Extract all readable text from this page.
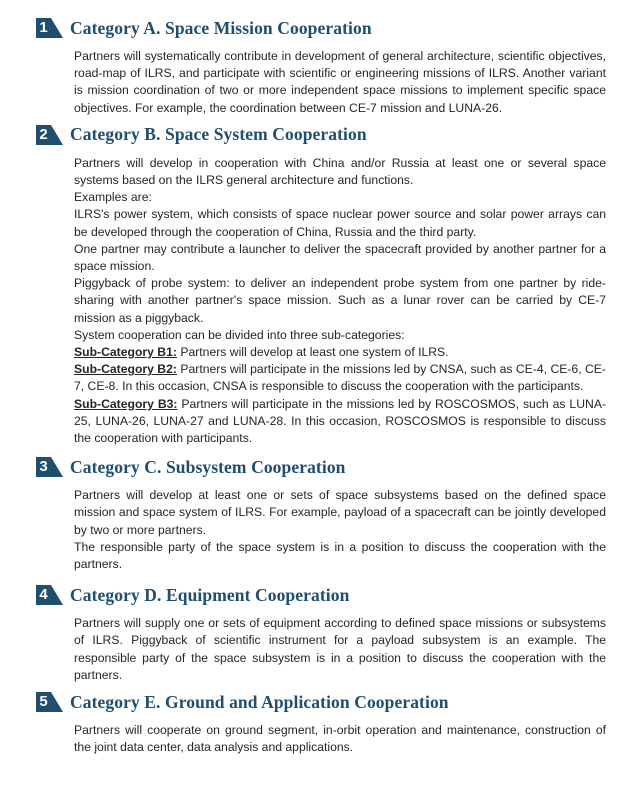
1 Category A. Space Mission Cooperation

Partners will systematically contribute in development of general architecture, scientific objectives, road-map of ILRS, and participate with scientific or engineering missions of ILRS. Another variant is mission coordination of two or more independent space missions to implement specific space objectives. For example, the coordination between CE-7 mission and LUNA-26.

2 Category B. Space System Cooperation

Partners will develop in cooperation with China and/or Russia at least one or several space systems based on the ILRS general architecture and functions.

Examples are:

ILRS's power system, which consists of space nuclear power source and solar power arrays can be developed through the cooperation of China, Russia and the third party.

One partner may contribute a launcher to deliver the spacecraft provided by another partner for a space mission.

Piggyback of probe system: to deliver an independent probe system from one partner by ride-sharing with another partner's space mission. Such as a lunar rover can be carried by CE-7 mission as a piggyback.

System cooperation can be divided into three sub-categories:

Sub-Category B1: Partners will develop at least one system of ILRS.

Sub-Category B2: Partners will participate in the missions led by CNSA, such as CE-4, CE-6, CE-7, CE-8. In this occasion, CNSA is responsible to discuss the cooperation with the participants.

Sub-Category B3: Partners will participate in the missions led by ROSCOSMOS, such as LUNA-25, LUNA-26, LUNA-27 and LUNA-28. In this occasion, ROSCOSMOS is responsible to discuss the cooperation with participants.

3 Category C. Subsystem Cooperation

Partners will develop at least one or sets of space subsystems based on the defined space mission and space system of ILRS. For example, payload of a spacecraft can be jointly developed by two or more partners.

The responsible party of the space system is in a position to discuss the cooperation with the partners.

4 Category D. Equipment Cooperation

Partners will supply one or sets of equipment according to defined space missions or subsystems of ILRS. Piggyback of scientific instrument for a payload subsystem is an example. The responsible party of the space subsystem is in a position to discuss the cooperation with the partners.

5 Category E. Ground and Application Cooperation

Partners will cooperate on ground segment, in-orbit operation and maintenance, construction of the joint data center, data analysis and applications.
